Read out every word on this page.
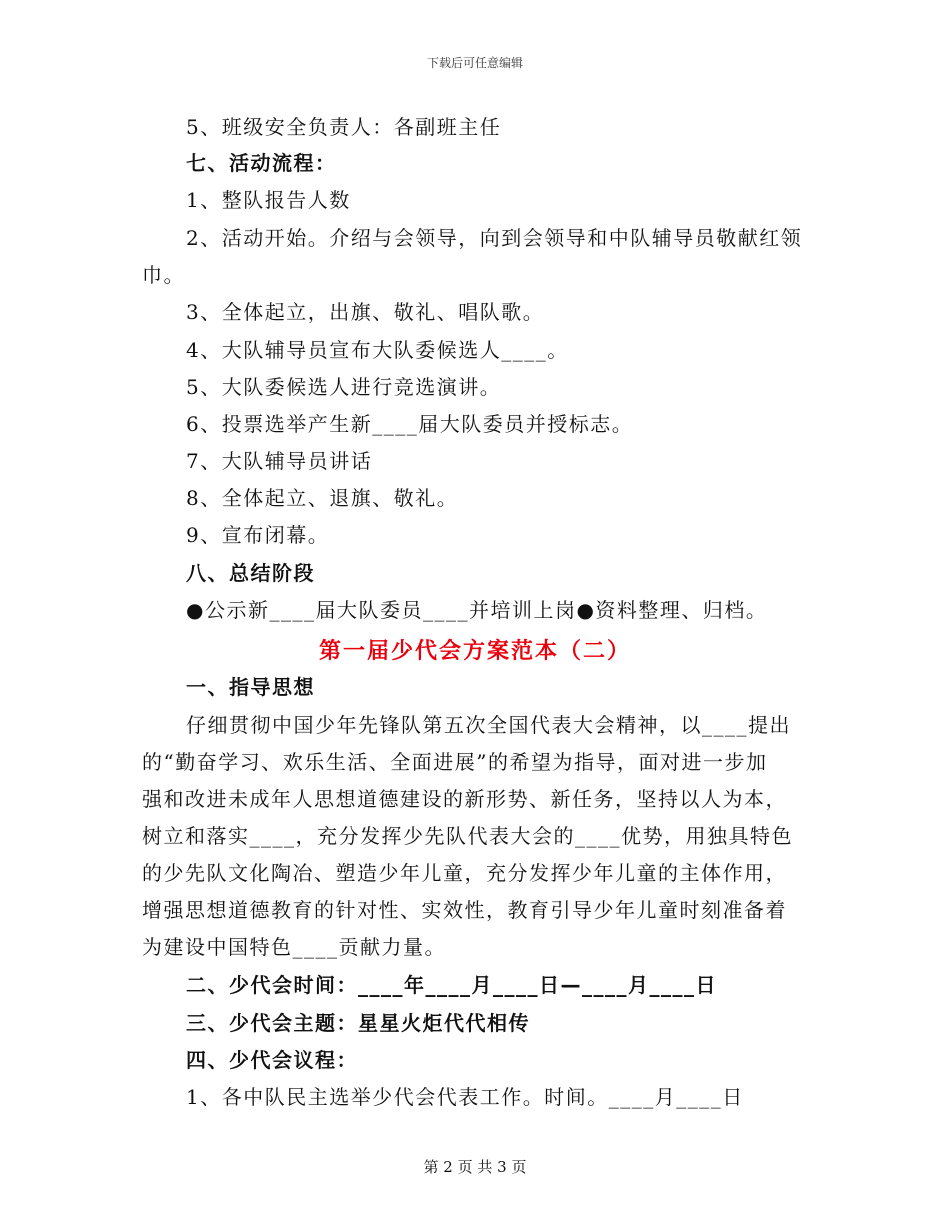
下载后可任意编辑
5、班级安全负责人：各副班主任
七、活动流程：
1、整队报告人数
2、活动开始。介绍与会领导，向到会领导和中队辅导员敬献红领
巾。
3、全体起立，出旗、敬礼、唱队歌。
4、大队辅导员宣布大队委候选人____。
5、大队委候选人进行竞选演讲。
6、投票选举产生新____届大队委员并授标志。
7、大队辅导员讲话
8、全体起立、退旗、敬礼。
9、宣布闭幕。
八、总结阶段
●公示新____届大队委员____并培训上岗●资料整理、归档。
第一届少代会方案范本（二）
一、指导思想
仔细贯彻中国少年先锋队第五次全国代表大会精神，以____提出
的“勤奋学习、欢乐生活、全面进展”的希望为指导，面对进一步加
强和改进未成年人思想道德建设的新形势、新任务，坚持以人为本，
树立和落实____，充分发挥少先队代表大会的____优势，用独具特色
的少先队文化陶冶、塑造少年儿童，充分发挥少年儿童的主体作用，
增强思想道德教育的针对性、实效性，教育引导少年儿童时刻准备着
为建设中国特色____贡献力量。
二、少代会时间：____年____月____日—____月____日
三、少代会主题：星星火炬代代相传
四、少代会议程：
1、各中队民主选举少代会代表工作。时间。____月____日
第 2 页 共 3 页
